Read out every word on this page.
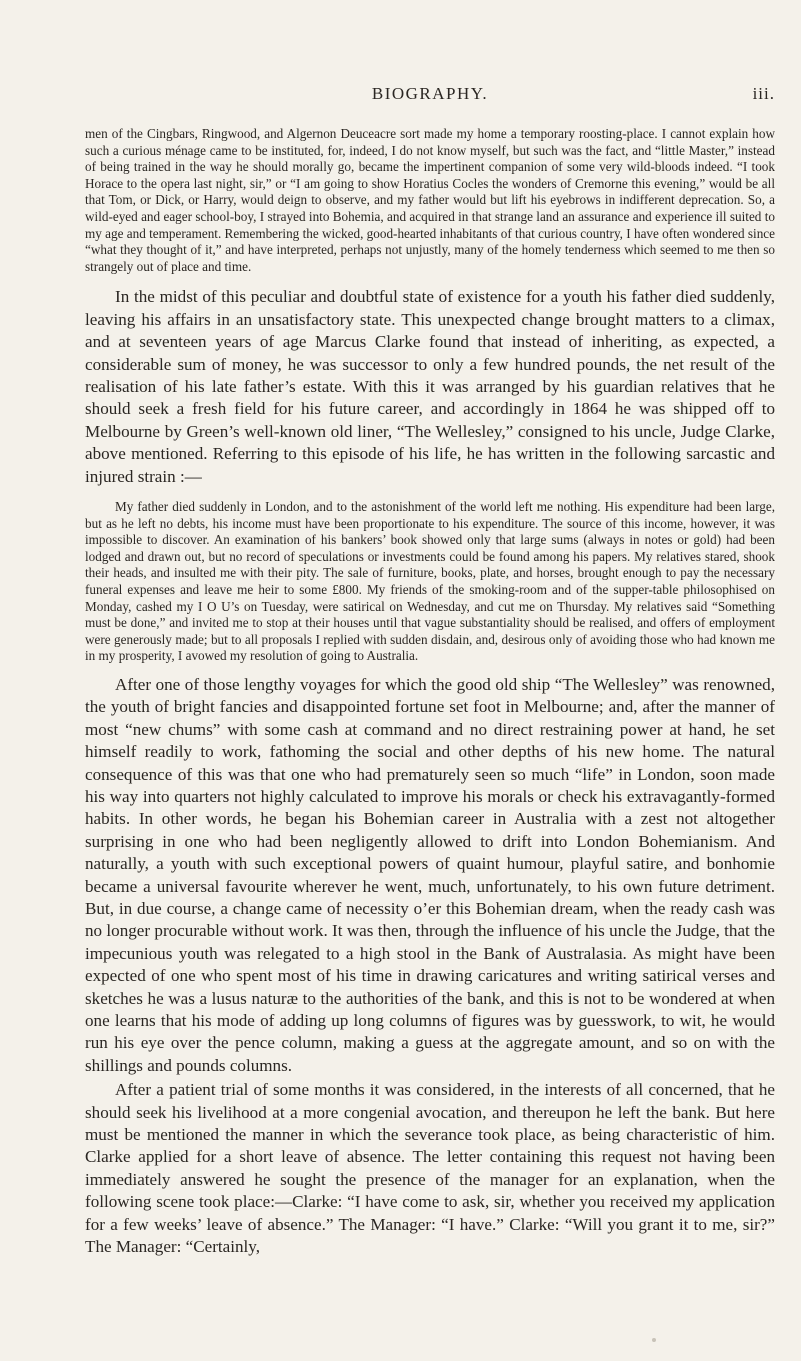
BIOGRAPHY.	iii.

men of the Cingbars, Ringwood, and Algernon Deuceacre sort made my home a temporary roosting-place. I cannot explain how such a curious ménage came to be instituted, for, indeed, I do not know myself, but such was the fact, and “little Master,” instead of being trained in the way he should morally go, became the impertinent companion of some very wild-bloods indeed. “I took Horace to the opera last night, sir,” or “I am going to show Horatius Cocles the wonders of Cremorne this evening,” would be all that Tom, or Dick, or Harry, would deign to observe, and my father would but lift his eyebrows in indifferent deprecation. So, a wild-eyed and eager school-boy, I strayed into Bohemia, and acquired in that strange land an assurance and experience ill suited to my age and temperament. Remembering the wicked, good-hearted inhabitants of that curious country, I have often wondered since “what they thought of it,” and have interpreted, perhaps not unjustly, many of the homely tenderness which seemed to me then so strangely out of place and time.

In the midst of this peculiar and doubtful state of existence for a youth his father died suddenly, leaving his affairs in an unsatisfactory state. This unexpected change brought matters to a climax, and at seventeen years of age Marcus Clarke found that instead of inheriting, as expected, a considerable sum of money, he was successor to only a few hundred pounds, the net result of the realisation of his late father’s estate. With this it was arranged by his guardian relatives that he should seek a fresh field for his future career, and accordingly in 1864 he was shipped off to Melbourne by Green’s well-known old liner, “The Wellesley,” consigned to his uncle, Judge Clarke, above mentioned. Referring to this episode of his life, he has written in the following sarcastic and injured strain :—

My father died suddenly in London, and to the astonishment of the world left me nothing. His expenditure had been large, but as he left no debts, his income must have been proportionate to his expenditure. The source of this income, however, it was impossible to discover. An examination of his bankers’ book showed only that large sums (always in notes or gold) had been lodged and drawn out, but no record of speculations or investments could be found among his papers. My relatives stared, shook their heads, and insulted me with their pity. The sale of furniture, books, plate, and horses, brought enough to pay the necessary funeral expenses and leave me heir to some £800. My friends of the smoking-room and of the supper-table philosophised on Monday, cashed my I O U’s on Tuesday, were satirical on Wednesday, and cut me on Thursday. My relatives said “Something must be done,” and invited me to stop at their houses until that vague substantiality should be realised, and offers of employment were generously made; but to all proposals I replied with sudden disdain, and, desirous only of avoiding those who had known me in my prosperity, I avowed my resolution of going to Australia.

After one of those lengthy voyages for which the good old ship “The Wellesley” was renowned, the youth of bright fancies and disappointed fortune set foot in Melbourne; and, after the manner of most “new chums” with some cash at command and no direct restraining power at hand, he set himself readily to work, fathoming the social and other depths of his new home. The natural consequence of this was that one who had prematurely seen so much “life” in London, soon made his way into quarters not highly calculated to improve his morals or check his extravagantly-formed habits. In other words, he began his Bohemian career in Australia with a zest not altogether surprising in one who had been negligently allowed to drift into London Bohemianism. And naturally, a youth with such exceptional powers of quaint humour, playful satire, and bonhomie became a universal favourite wherever he went, much, unfortunately, to his own future detriment. But, in due course, a change came of necessity o’er this Bohemian dream, when the ready cash was no longer procurable without work. It was then, through the influence of his uncle the Judge, that the impecunious youth was relegated to a high stool in the Bank of Australasia. As might have been expected of one who spent most of his time in drawing caricatures and writing satirical verses and sketches he was a lusus naturæ to the authorities of the bank, and this is not to be wondered at when one learns that his mode of adding up long columns of figures was by guesswork, to wit, he would run his eye over the pence column, making a guess at the aggregate amount, and so on with the shillings and pounds columns.

After a patient trial of some months it was considered, in the interests of all concerned, that he should seek his livelihood at a more congenial avocation, and thereupon he left the bank. But here must be mentioned the manner in which the severance took place, as being characteristic of him. Clarke applied for a short leave of absence. The letter containing this request not having been immediately answered he sought the presence of the manager for an explanation, when the following scene took place:—Clarke: “I have come to ask, sir, whether you received my application for a few weeks’ leave of absence.” The Manager: “I have.” Clarke: “Will you grant it to me, sir?” The Manager: “Certainly,
